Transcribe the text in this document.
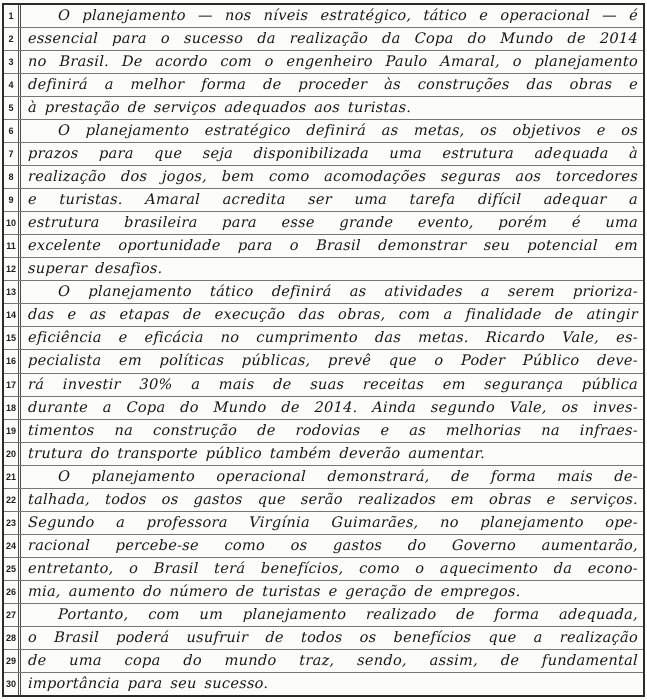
1	O planejamento — nos níveis estratégico, tático e operacional — é
2 essencial para o sucesso da realização da Copa do Mundo de 2014
3 no Brasil. De acordo com o engenheiro Paulo Amaral, o planejamento
4 definirá a melhor forma de proceder às construções das obras e
5 à prestação de serviços adequados aos turistas.
6	O planejamento estratégico definirá as metas, os objetivos e os
7 prazos para que seja disponibilizada uma estrutura adequada à
8 realização dos jogos, bem como acomodações seguras aos torcedores
9 e turistas. Amaral acredita ser uma tarefa difícil adequar a
10 estrutura brasileira para esse grande evento, porém é uma
11 excelente oportunidade para o Brasil demonstrar seu potencial em
12 superar desafios.
13	O planejamento tático definirá as atividades a serem prioriza-
14 das e as etapas de execução das obras, com a finalidade de atingir
15 eficiência e eficácia no cumprimento das metas. Ricardo Vale, es-
16 pecialista em políticas públicas, prevê que o Poder Público deve-
17 rá investir 30% a mais de suas receitas em segurança pública
18 durante a Copa do Mundo de 2014. Ainda segundo Vale, os inves-
19 timentos na construção de rodovias e as melhorias na infraes-
20 trutura do transporte público também deverão aumentar.
21	O planejamento operacional demonstrará, de forma mais de-
22 talhada, todos os gastos que serão realizados em obras e serviços.
23 Segundo a professora Virgínia Guimarães, no planejamento ope-
24 racional percebe-se como os gastos do Governo aumentarão,
25 entretanto, o Brasil terá benefícios, como o aquecimento da econo-
26 mia, aumento do número de turistas e geração de empregos.
27	Portanto, com um planejamento realizado de forma adequada,
28 o Brasil poderá usufruir de todos os benefícios que a realização
29 de uma copa do mundo traz, sendo, assim, de fundamental
30 importância para seu sucesso.
